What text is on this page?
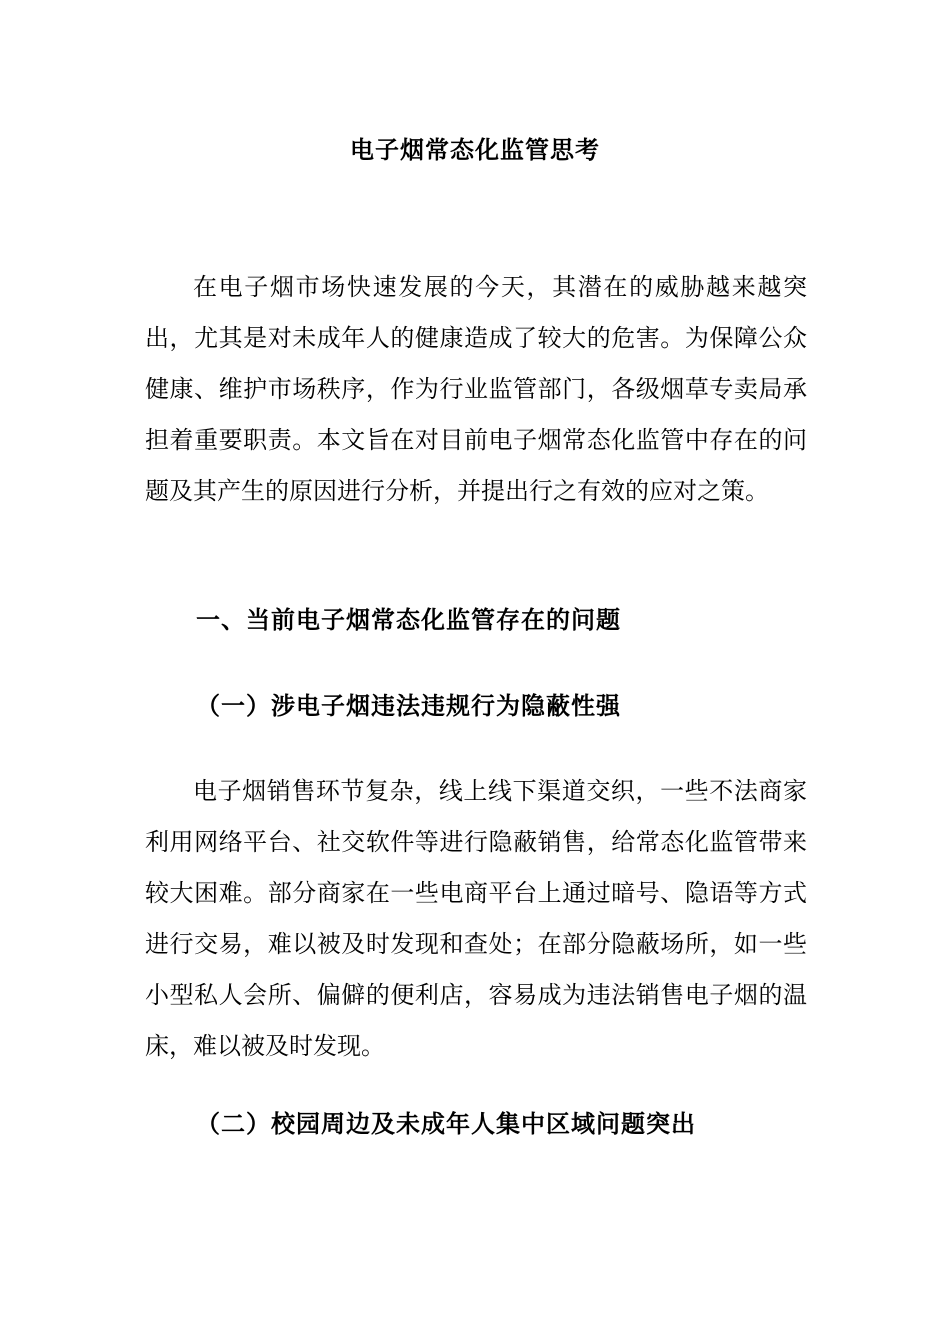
电子烟常态化监管思考

在电子烟市场快速发展的今天，其潜在的威胁越来越突出，尤其是对未成年人的健康造成了较大的危害。为保障公众健康、维护市场秩序，作为行业监管部门，各级烟草专卖局承担着重要职责。本文旨在对目前电子烟常态化监管中存在的问题及其产生的原因进行分析，并提出行之有效的应对之策。

一、当前电子烟常态化监管存在的问题
（一）涉电子烟违法违规行为隐蔽性强

电子烟销售环节复杂，线上线下渠道交织，一些不法商家利用网络平台、社交软件等进行隐蔽销售，给常态化监管带来较大困难。部分商家在一些电商平台上通过暗号、隐语等方式进行交易，难以被及时发现和查处；在部分隐蔽场所，如一些小型私人会所、偏僻的便利店，容易成为违法销售电子烟的温床，难以被及时发现。

（二）校园周边及未成年人集中区域问题突出
